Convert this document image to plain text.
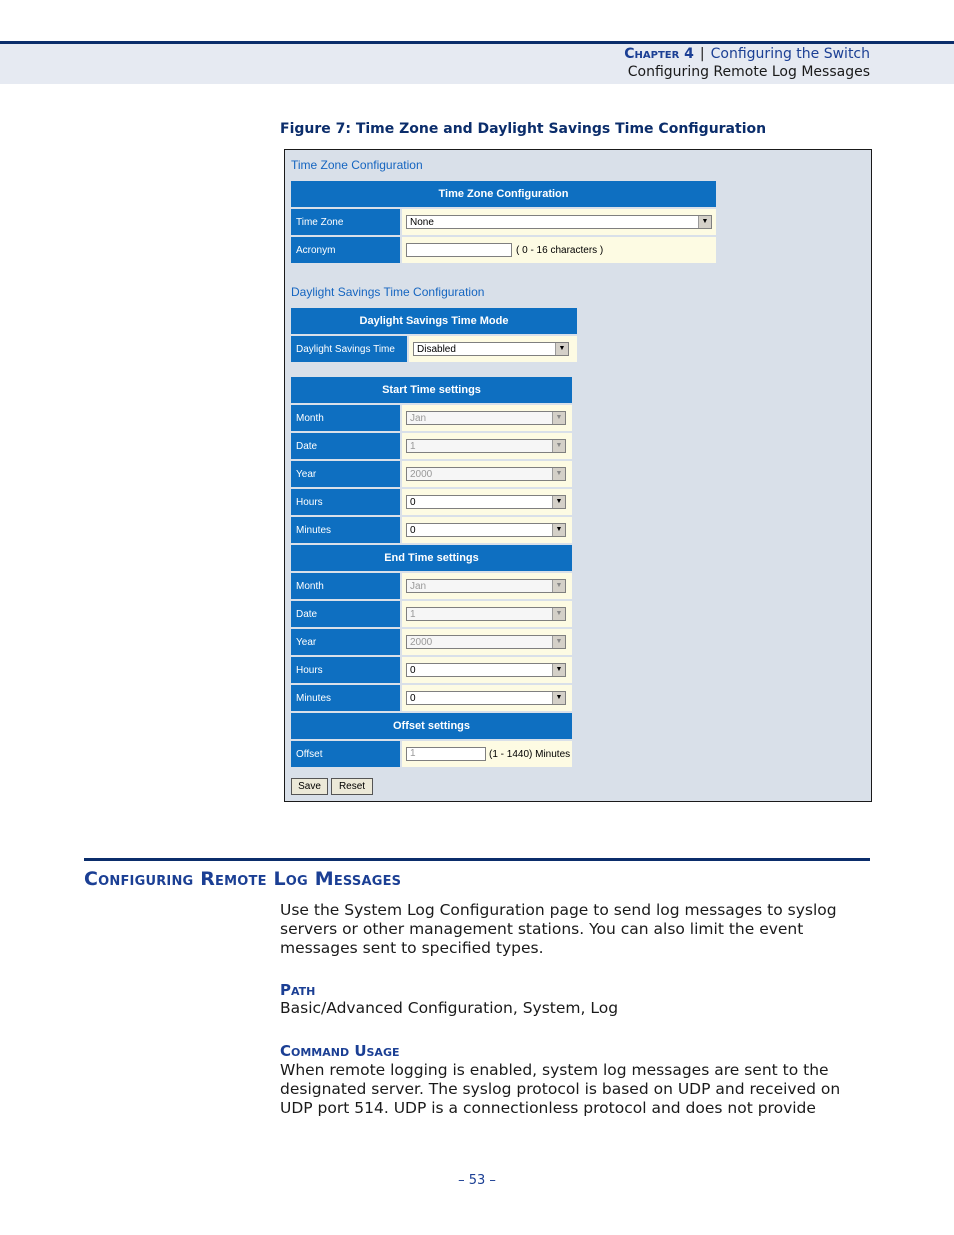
Chapter 4 | Configuring the Switch
Configuring Remote Log Messages
Figure 7: Time Zone and Daylight Savings Time Configuration
Time Zone Configuration
Time Zone Configuration	
Time Zone	None ▼

Acronym	( 0 - 16 characters )
Daylight Savings Time Configuration
Daylight Savings Time Mode
Daylight Savings Time	Disabled	▼
Start Time settings	
Month	Jan ▼

Date	1 ▼

Year	2000 ▼

Hours	0 ▼

Minutes	0 ▼

End Time settings	
Month	Jan ▼

Date	1 ▼

Year	2000 ▼

Hours	0 ▼

Minutes	0 ▼

Offset settings	
Offset	1 (1 - 1440) Minutes
Save	Reset
Configuring Remote Log Messages
Use the System Log Configuration page to send log messages to syslog servers or other management stations. You can also limit the event messages sent to specified types.
Path
Basic/Advanced Configuration, System, Log
Command Usage
When remote logging is enabled, system log messages are sent to the designated server. The syslog protocol is based on UDP and received on UDP port 514. UDP is a connectionless protocol and does not provide
– 53 –
